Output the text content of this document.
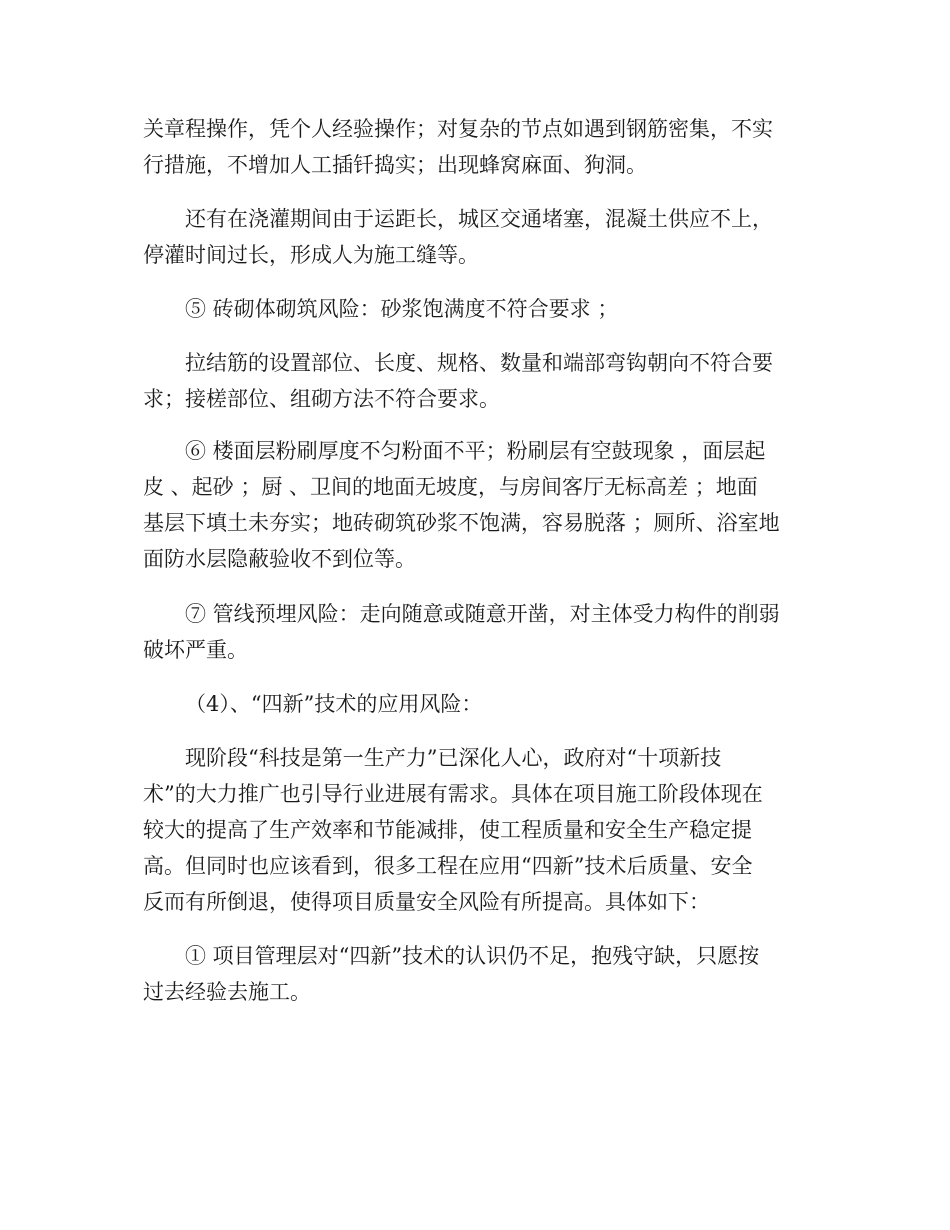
关章程操作，凭个人经验操作；对复杂的节点如遇到钢筋密集，不实
行措施，不增加人工插钎捣实；出现蜂窝麻面、狗洞。
还有在浇灌期间由于运距长，城区交通堵塞，混凝土供应不上，
停灌时间过长，形成人为施工缝等。
⑤ 砖砌体砌筑风险：砂浆饱满度不符合要求 ；
拉结筋的设置部位、长度、规格、数量和端部弯钩朝向不符合要
求；接槎部位、组砌方法不符合要求。
⑥ 楼面层粉刷厚度不匀粉面不平；粉刷层有空鼓现象 ，面层起
皮 、起砂 ；厨 、卫间的地面无坡度，与房间客厅无标高差 ；地面
基层下填土未夯实；地砖砌筑砂浆不饱满，容易脱落 ；厕所、浴室地
面防水层隐蔽验收不到位等。
⑦ 管线预埋风险：走向随意或随意开凿，对主体受力构件的削弱
破坏严重。
（4）、“四新”技术的应用风险：
现阶段“科技是第一生产力”已深化人心，政府对“十项新技
术”的大力推广也引导行业进展有需求。具体在项目施工阶段体现在
较大的提高了生产效率和节能减排，使工程质量和安全生产稳定提
高。但同时也应该看到，很多工程在应用“四新”技术后质量、安全
反而有所倒退，使得项目质量安全风险有所提高。具体如下：
① 项目管理层对“四新”技术的认识仍不足，抱残守缺，只愿按
过去经验去施工。
